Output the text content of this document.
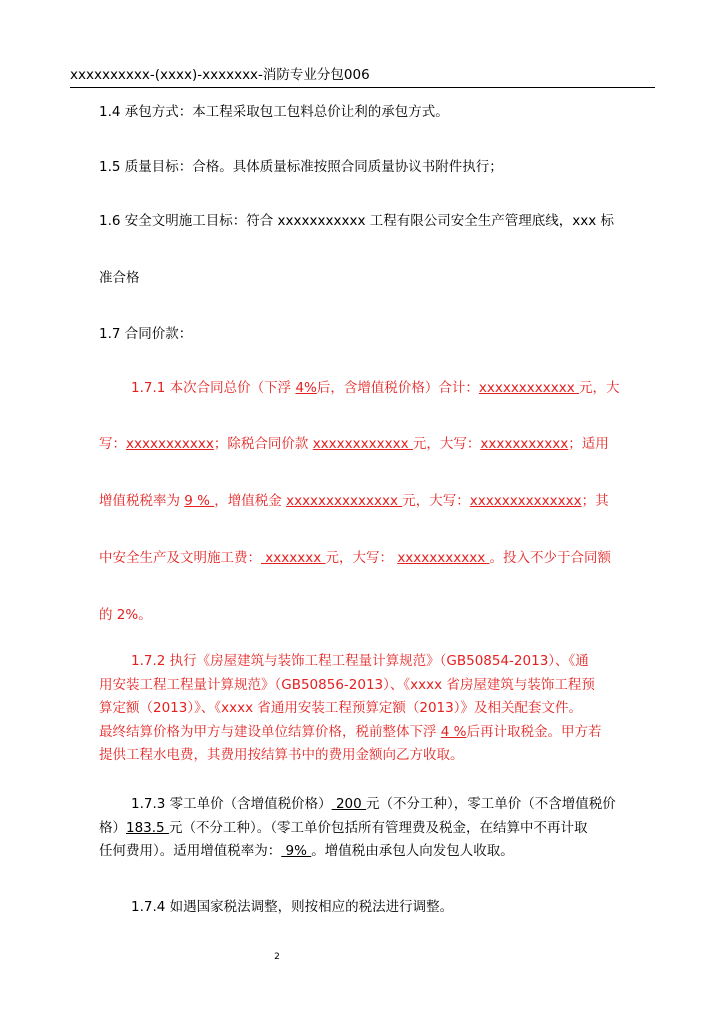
xxxxxxxxxx-(xxxx)-xxxxxxx-消防专业分包006
1.4 承包方式：本工程采取包工包料总价让利的承包方式。
1.5 质量目标：合格。具体质量标准按照合同质量协议书附件执行；
1.6 安全文明施工目标：符合 xxxxxxxxxxx 工程有限公司安全生产管理底线，xxx 标
准合格
1.7 合同价款：
1.7.1 本次合同总价（下浮 4%后，含增值税价格）合计：xxxxxxxxxxxx 元，大
写：xxxxxxxxxxx；除税合同价款 xxxxxxxxxxxx 元，大写：xxxxxxxxxxx；适用
增值税税率为 9 % ，增值税金 xxxxxxxxxxxxxx 元，大写：xxxxxxxxxxxxxx；其
中安全生产及文明施工费： xxxxxxx 元，大写： xxxxxxxxxxx 。投入不少于合同额
的 2%。
1.7.2 执行《房屋建筑与装饰工程工程量计算规范》（GB50854-2013）、《通
用安装工程工程量计算规范》（GB50856-2013）、《xxxx 省房屋建筑与装饰工程预
算定额（2013）》、《xxxx 省通用安装工程预算定额（2013）》及相关配套文件。
最终结算价格为甲方与建设单位结算价格，税前整体下浮 4 %后再计取税金。甲方若
提供工程水电费，其费用按结算书中的费用金额向乙方收取。
1.7.3 零工单价（含增值税价格） 200 元（不分工种），零工单价（不含增值税价
格）183.5 元（不分工种）。（零工单价包括所有管理费及税金，在结算中不再计取
任何费用）。适用增值税率为： 9% 。增值税由承包人向发包人收取。
1.7.4 如遇国家税法调整，则按相应的税法进行调整。
2
